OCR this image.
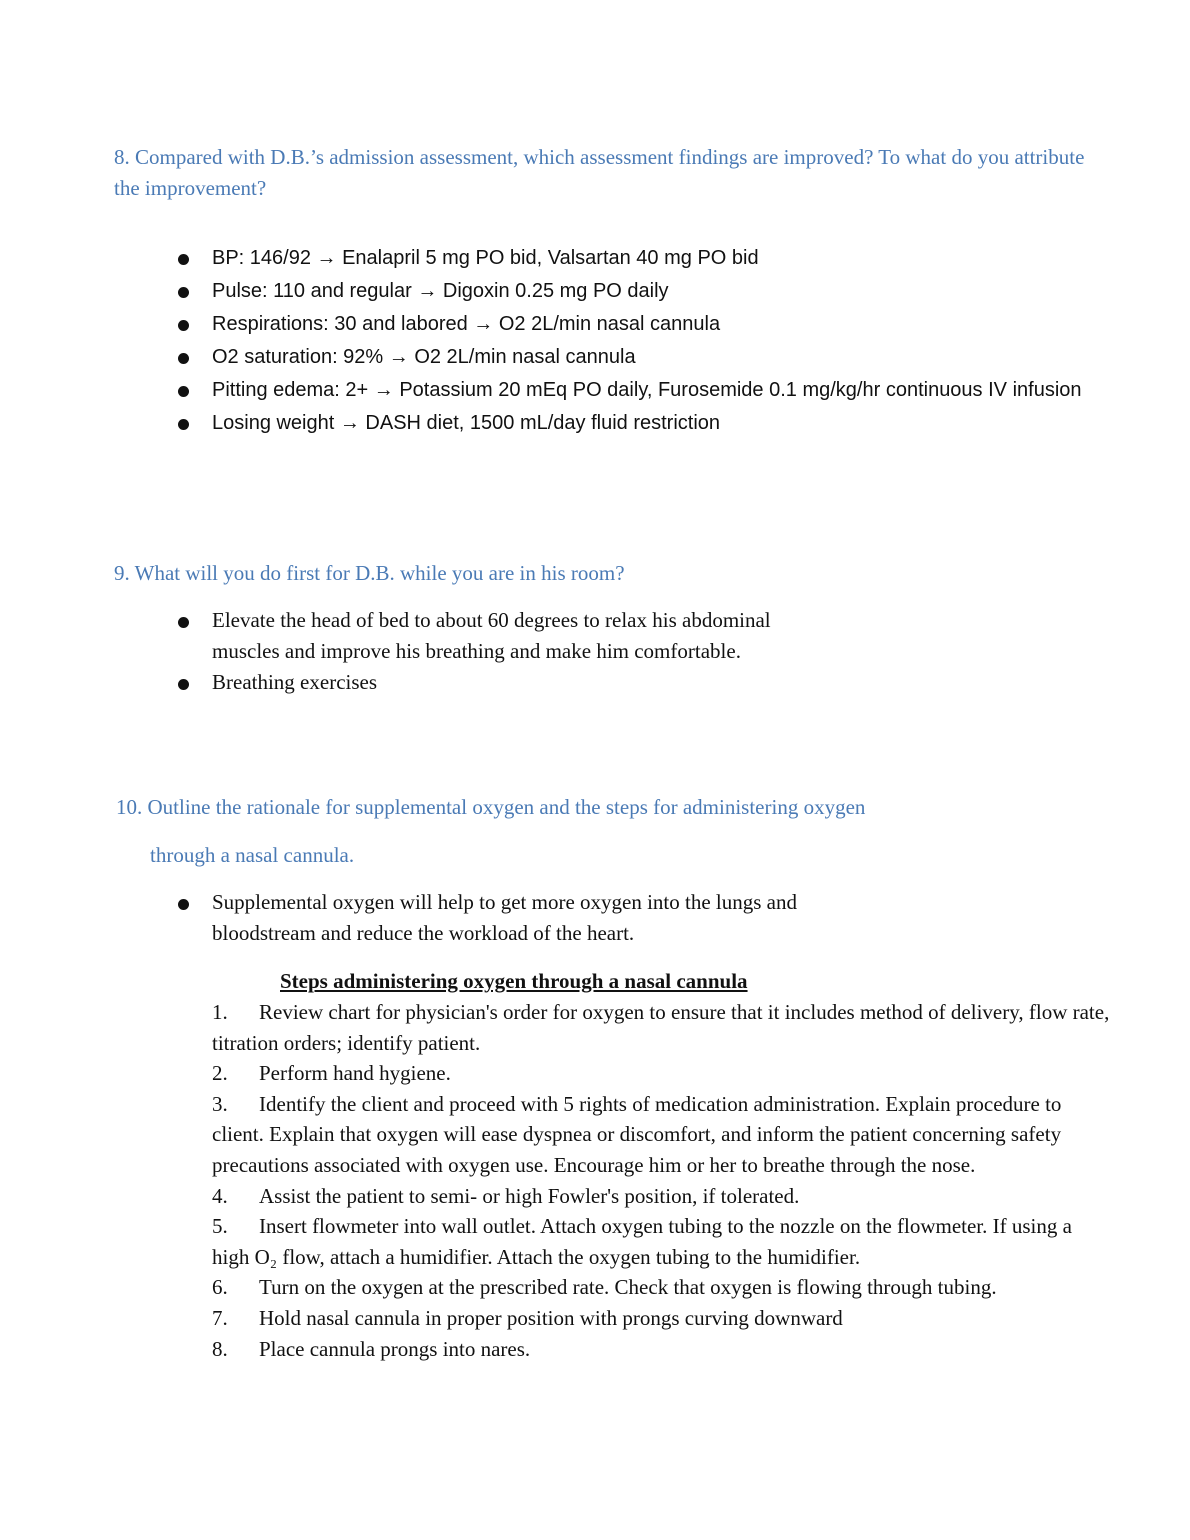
8. Compared with D.B.’s admission assessment, which assessment findings are improved? To what do you attribute the improvement?

BP: 146/92 → Enalapril 5 mg PO bid, Valsartan 40 mg PO bid
Pulse: 110 and regular → Digoxin 0.25 mg PO daily
Respirations: 30 and labored → O2 2L/min nasal cannula
O2 saturation: 92% → O2 2L/min nasal cannula
Pitting edema: 2+ → Potassium 20 mEq PO daily, Furosemide 0.1 mg/kg/hr continuous IV infusion
Losing weight → DASH diet, 1500 mL/day fluid restriction

9. What will you do first for D.B. while you are in his room?

Elevate the head of bed to about 60 degrees to relax his abdominal muscles and improve his breathing and make him comfortable.
Breathing exercises

10. Outline the rationale for supplemental oxygen and the steps for administering oxygen

through a nasal cannula.

Supplemental oxygen will help to get more oxygen into the lungs and bloodstream and reduce the workload of the heart.
Steps administering oxygen through a nasal cannula
1. Review chart for physician's order for oxygen to ensure that it includes method of delivery, flow rate, titration orders; identify patient.
2. Perform hand hygiene.
3. Identify the client and proceed with 5 rights of medication administration. Explain procedure to client. Explain that oxygen will ease dyspnea or discomfort, and inform the patient concerning safety precautions associated with oxygen use. Encourage him or her to breathe through the nose.
4. Assist the patient to semi- or high Fowler's position, if tolerated.
5. Insert flowmeter into wall outlet. Attach oxygen tubing to the nozzle on the flowmeter. If using a high O₂ flow, attach a humidifier. Attach the oxygen tubing to the humidifier.
6. Turn on the oxygen at the prescribed rate. Check that oxygen is flowing through tubing.
7. Hold nasal cannula in proper position with prongs curving downward
8. Place cannula prongs into nares.
